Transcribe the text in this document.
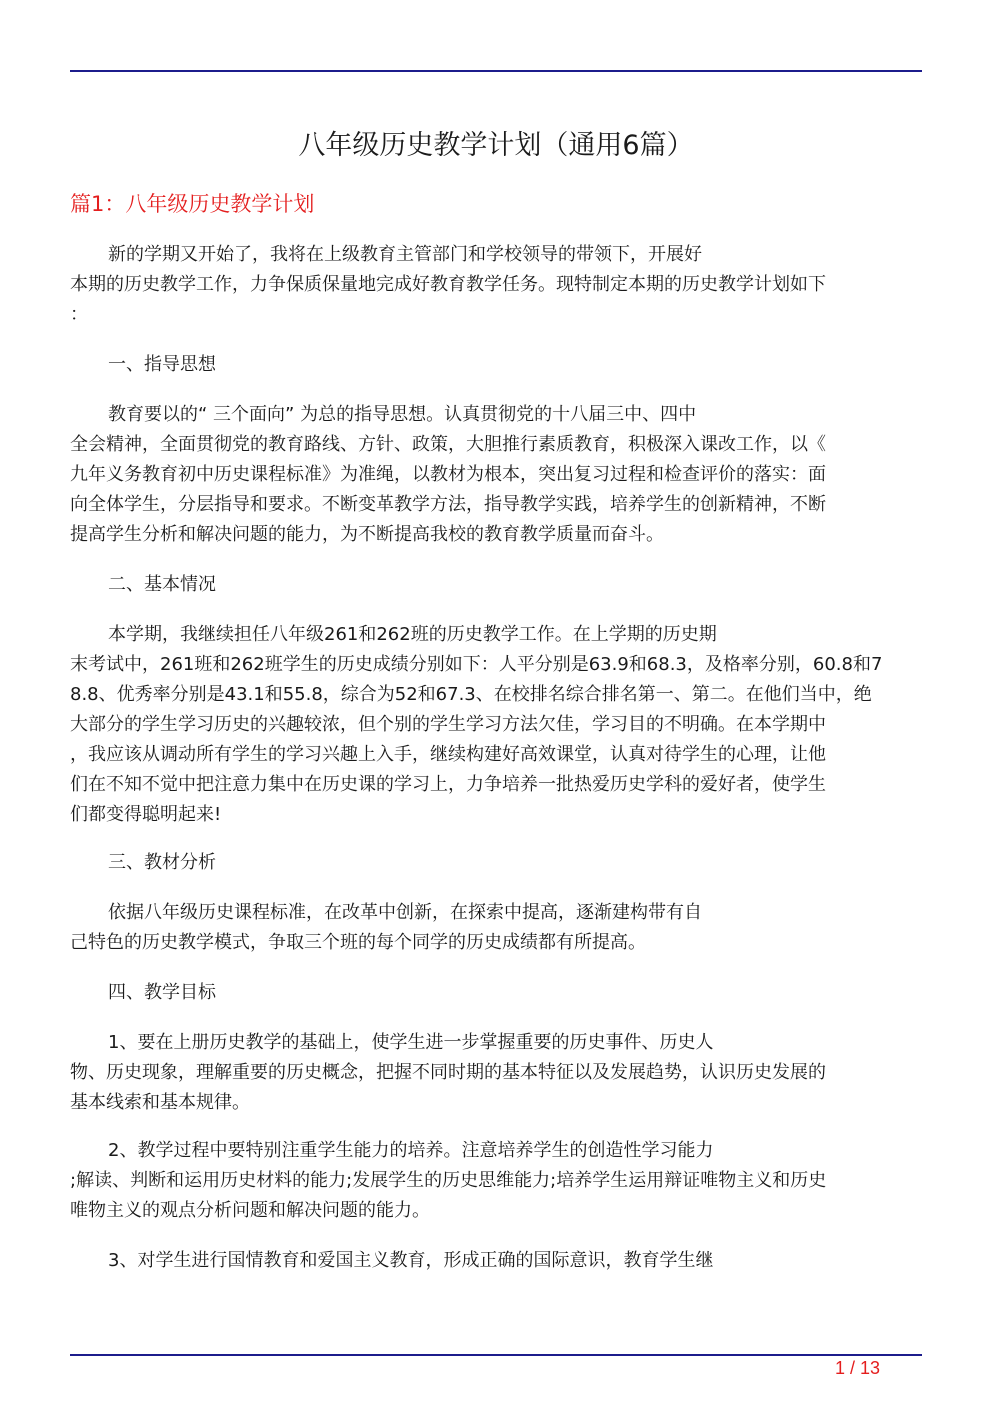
八年级历史教学计划（通用6篇）
篇1：八年级历史教学计划
新的学期又开始了，我将在上级教育主管部门和学校领导的带领下，开展好
本期的历史教学工作，力争保质保量地完成好教育教学任务。现特制定本期的历史教学计划如下
：
一、指导思想
教育要以的“ 三个面向” 为总的指导思想。认真贯彻党的十八届三中、四中
全会精神，全面贯彻党的教育路线、方针、政策，大胆推行素质教育，积极深入课改工作，以《
九年义务教育初中历史课程标准》为准绳，以教材为根本，突出复习过程和检查评价的落实：面
向全体学生，分层指导和要求。不断变革教学方法，指导教学实践，培养学生的创新精神，不断
提高学生分析和解决问题的能力，为不断提高我校的教育教学质量而奋斗。
二、基本情况
本学期，我继续担任八年级261和262班的历史教学工作。在上学期的历史期
末考试中，261班和262班学生的历史成绩分别如下：人平分别是63.9和68.3，及格率分别，60.8和7
8.8、优秀率分别是43.1和55.8，综合为52和67.3、在校排名综合排名第一、第二。在他们当中，绝
大部分的学生学习历史的兴趣较浓，但个别的学生学习方法欠佳，学习目的不明确。在本学期中
，我应该从调动所有学生的学习兴趣上入手，继续构建好高效课堂，认真对待学生的心理，让他
们在不知不觉中把注意力集中在历史课的学习上，力争培养一批热爱历史学科的爱好者，使学生
们都变得聪明起来!
三、教材分析
依据八年级历史课程标准，在改革中创新，在探索中提高，逐渐建构带有自
己特色的历史教学模式，争取三个班的每个同学的历史成绩都有所提高。
四、教学目标
1、要在上册历史教学的基础上，使学生进一步掌握重要的历史事件、历史人
物、历史现象，理解重要的历史概念，把握不同时期的基本特征以及发展趋势，认识历史发展的
基本线索和基本规律。
2、教学过程中要特别注重学生能力的培养。注意培养学生的创造性学习能力
;解读、判断和运用历史材料的能力;发展学生的历史思维能力;培养学生运用辩证唯物主义和历史
唯物主义的观点分析问题和解决问题的能力。
3、对学生进行国情教育和爱国主义教育，形成正确的国际意识，教育学生继
1 / 13
